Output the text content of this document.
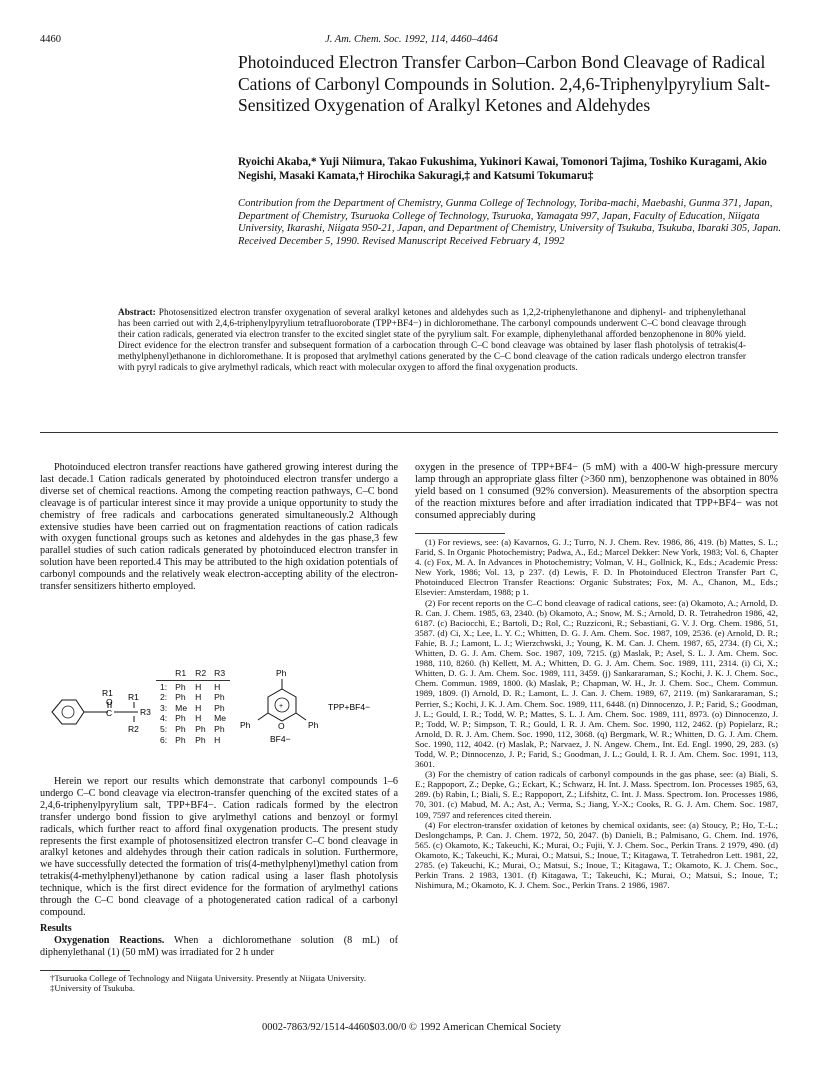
4460	J. Am. Chem. Soc. 1992, 114, 4460–4464
Photoinduced Electron Transfer Carbon–Carbon Bond Cleavage of Radical Cations of Carbonyl Compounds in Solution. 2,4,6-Triphenylpyrylium Salt-Sensitized Oxygenation of Aralkyl Ketones and Aldehydes
Ryoichi Akaba,* Yuji Niimura, Takao Fukushima, Yukinori Kawai, Tomonori Tajima, Toshiko Kuragami, Akio Negishi, Masaki Kamata,† Hirochika Sakuragi,‡ and Katsumi Tokumaru‡
Contribution from the Department of Chemistry, Gunma College of Technology, Toriba-machi, Maebashi, Gunma 371, Japan, Department of Chemistry, Tsuruoka College of Technology, Tsuruoka, Yamagata 997, Japan, Faculty of Education, Niigata University, Ikarashi, Niigata 950-21, Japan, and Department of Chemistry, University of Tsukuba, Tsukuba, Ibaraki 305, Japan. Received December 5, 1990. Revised Manuscript Received February 4, 1992
Abstract: Photosensitized electron transfer oxygenation of several aralkyl ketones and aldehydes such as 1,2,2-triphenylethanone and diphenyl- and triphenylethanal has been carried out with 2,4,6-triphenylpyrylium tetrafluoroborate (TPP+BF4−) in dichloromethane. The carbonyl compounds underwent C–C bond cleavage through their cation radicals, generated via electron transfer to the excited singlet state of the pyrylium salt. For example, diphenylethanal afforded benzophenone in 80% yield. Direct evidence for the electron transfer and subsequent formation of a carbocation through C–C bond cleavage was obtained by laser flash photolysis of tetrakis(4-methylphenyl)ethanone in dichloromethane. It is proposed that arylmethyl cations generated by the C–C bond cleavage of the cation radicals undergo electron transfer with pyryl radicals to give arylmethyl radicals, which react with molecular oxygen to afford the final oxygenation products.

Photoinduced electron transfer reactions have gathered growing interest during the last decade.1 Cation radicals generated by photoinduced electron transfer undergo a diverse set of chemical reactions. Among the competing reaction pathways, C–C bond cleavage is of particular interest since it may provide a unique opportunity to study the chemistry of free radicals and carbocations generated simultaneously.2 Although extensive studies have been carried out on fragmentation reactions of cation radicals with oxygen functional groups such as ketones and aldehydes in the gas phase,3 few parallel studies of such cation radicals generated by photoinduced electron transfer in solution have been reported.4 This may be attributed to the high oxidation potentials of carbonyl compounds and the relatively weak electron-accepting ability of the electron-transfer sensitizers hitherto employed.

R1
O
C
R1
R3
R2
Ph
+
O
Ph	Ph
BF4−
TPP+BF4−
	R1	R2	R3

1:	Ph	H	H
2:	Ph	H	Ph
3:	Me	H	Ph
4:	Ph	H	Me
5:	Ph	Ph	Ph
6:	Ph	Ph	H

Herein we report our results which demonstrate that carbonyl compounds 1–6 undergo C–C bond cleavage via electron-transfer quenching of the excited states of a 2,4,6-triphenylpyrylium salt, TPP+BF4−. Cation radicals formed by the electron transfer undergo bond fission to give arylmethyl cations and benzoyl or formyl radicals, which further react to afford final oxygenation products. The present study represents the first example of photosensitized electron transfer C–C bond cleavage in aralkyl ketones and aldehydes through their cation radicals in solution. Furthermore, we have successfully detected the formation of tris(4-methylphenyl)methyl cation from tetrakis(4-methylphenyl)ethanone by cation radical using a laser flash photolysis technique, which is the first direct evidence for the formation of arylmethyl cations through the C–C bond cleavage of a photogenerated cation radical of a carbonyl compound.

Results

Oxygenation Reactions. When a dichloromethane solution (8 mL) of diphenylethanal (1) (50 mM) was irradiated for 2 h under

†Tsuruoka College of Technology and Niigata University. Presently at Niigata University.
‡University of Tsukuba.

oxygen in the presence of TPP+BF4− (5 mM) with a 400-W high-pressure mercury lamp through an appropriate glass filter (>360 nm), benzophenone was obtained in 80% yield based on 1 consumed (92% conversion). Measurements of the absorption spectra of the reaction mixtures before and after irradiation indicated that TPP+BF4− was not consumed appreciably during

(1) For reviews, see: (a) Kavarnos, G. J.; Turro, N. J. Chem. Rev. 1986, 86, 419. (b) Mattes, S. L.; Farid, S. In Organic Photochemistry; Padwa, A., Ed.; Marcel Dekker: New York, 1983; Vol. 6, Chapter 4. (c) Fox, M. A. In Advances in Photochemistry; Volman, V. H., Gollnick, K., Eds.; Academic Press: New York, 1986; Vol. 13, p 237. (d) Lewis, F. D. In Photoinduced Electron Transfer Part C, Photoinduced Electron Transfer Reactions: Organic Substrates; Fox, M. A., Chanon, M., Eds.; Elsevier: Amsterdam, 1988; p 1.

(2) For recent reports on the C–C bond cleavage of radical cations, see: (a) Okamoto, A.; Arnold, D. R. Can. J. Chem. 1985, 63, 2340. (b) Okamoto, A.; Snow, M. S.; Arnold, D. R. Tetrahedron 1986, 42, 6187. (c) Baciocchi, E.; Bartoli, D.; Rol, C.; Ruzziconi, R.; Sebastiani, G. V. J. Org. Chem. 1986, 51, 3587. (d) Ci, X.; Lee, L. Y. C.; Whitten, D. G. J. Am. Chem. Soc. 1987, 109, 2536. (e) Arnold, D. R.; Fahie, B. J.; Lamont, L. J.; Wierzchwski, J.; Young, K. M. Can. J. Chem. 1987, 65, 2734. (f) Ci, X.; Whitten, D. G. J. Am. Chem. Soc. 1987, 109, 7215. (g) Maslak, P.; Asel, S. L. J. Am. Chem. Soc. 1988, 110, 8260. (h) Kellett, M. A.; Whitten, D. G. J. Am. Chem. Soc. 1989, 111, 2314. (i) Ci, X.; Whitten, D. G. J. Am. Chem. Soc. 1989, 111, 3459. (j) Sankararaman, S.; Kochi, J. K. J. Chem. Soc., Chem. Commun. 1989, 1800. (k) Maslak, P.; Chapman, W. H., Jr. J. Chem. Soc., Chem. Commun. 1989, 1809. (l) Arnold, D. R.; Lamont, L. J. Can. J. Chem. 1989, 67, 2119. (m) Sankararaman, S.; Perrier, S.; Kochi, J. K. J. Am. Chem. Soc. 1989, 111, 6448. (n) Dinnocenzo, J. P.; Farid, S.; Goodman, J. L.; Gould, I. R.; Todd, W. P.; Mattes, S. L. J. Am. Chem. Soc. 1989, 111, 8973. (o) Dinnocenzo, J. P.; Todd, W. P.; Simpson, T. R.; Gould, I. R. J. Am. Chem. Soc. 1990, 112, 2462. (p) Popielarz, R.; Arnold, D. R. J. Am. Chem. Soc. 1990, 112, 3068. (q) Bergmark, W. R.; Whitten, D. G. J. Am. Chem. Soc. 1990, 112, 4042. (r) Maslak, P.; Narvaez, J. N. Angew. Chem., Int. Ed. Engl. 1990, 29, 283. (s) Todd, W. P.; Dinnocenzo, J. P.; Farid, S.; Goodman, J. L.; Gould, I. R. J. Am. Chem. Soc. 1991, 113, 3601.

(3) For the chemistry of cation radicals of carbonyl compounds in the gas phase, see: (a) Biali, S. E.; Rappoport, Z.; Depke, G.; Eckart, K.; Schwarz, H. Int. J. Mass. Spectrom. Ion. Processes 1985, 63, 289. (b) Rabin, I.; Biali, S. E.; Rappoport, Z.; Lifshitz, C. Int. J. Mass. Spectrom. Ion. Processes 1986, 70, 301. (c) Mabud, M. A.; Ast, A.; Verma, S.; Jiang, Y.-X.; Cooks, R. G. J. Am. Chem. Soc. 1987, 109, 7597 and references cited therein.

(4) For electron-transfer oxidation of ketones by chemical oxidants, see: (a) Stoucy, P.; Ho, T.-L.; Deslongchamps, P. Can. J. Chem. 1972, 50, 2047. (b) Danieli, B.; Palmisano, G. Chem. Ind. 1976, 565. (c) Okamoto, K.; Takeuchi, K.; Murai, O.; Fujii, Y. J. Chem. Soc., Perkin Trans. 2 1979, 490. (d) Okamoto, K.; Takeuchi, K.; Murai, O.; Matsui, S.; Inoue, T.; Kitagawa, T. Tetrahedron Lett. 1981, 22, 2785. (e) Takeuchi, K.; Murai, O.; Matsui, S.; Inoue, T.; Kitagawa, T.; Okamoto, K. J. Chem. Soc., Perkin Trans. 2 1983, 1301. (f) Kitagawa, T.; Takeuchi, K.; Murai, O.; Matsui, S.; Inoue, T.; Nishimura, M.; Okamoto, K. J. Chem. Soc., Perkin Trans. 2 1986, 1987.

0002-7863/92/1514-4460$03.00/0 © 1992 American Chemical Society
